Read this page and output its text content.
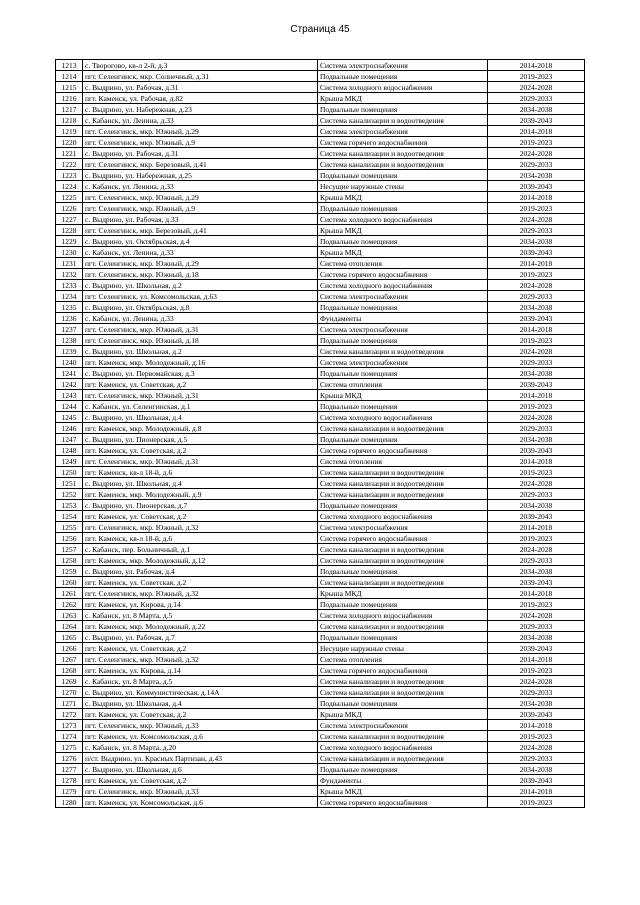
Страница 45
1213	с. Творогово, кв-л 2-й, д.3	Система электроснабжения	2014-2018
1214	пгт. Селенгинск, мкр. Солнечный, д.31	Подвальные помещения	2019-2023
1215	с. Выдрино, ул. Рабочая, д.31	Система холодного водоснабжения	2024-2028
1216	пгт. Каменск, ул. Рабочая, д.82	Крыша МКД	2029-2033
1217	с. Выдрино, ул. Набережная, д.23	Подвальные помещения	2034-2038
1218	с. Кабанск, ул. Ленина, д.33	Система канализации и водоотведения	2039-2043
1219	пгт. Селенгинск, мкр. Южный, д.29	Система электроснабжения	2014-2018
1220	пгт. Селенгинск, мкр. Южный, д.9	Система горячего водоснабжения	2019-2023
1221	с. Выдрино, ул. Рабочая, д.31	Система канализации и водоотведения	2024-2028
1222	пгт. Селенгинск, мкр. Березовый, д.41	Система канализации и водоотведения	2029-2033
1223	с. Выдрино, ул. Набережная, д.25	Подвальные помещения	2034-2038
1224	с. Кабанск, ул. Ленина, д.33	Несущие наружные стены	2039-2043
1225	пгт. Селенгинск, мкр. Южный, д.29	Крыша МКД	2014-2018
1226	пгт. Селенгинск, мкр. Южный, д.9	Подвальные помещения	2019-2023
1227	с. Выдрино, ул. Рабочая, д.33	Система холодного водоснабжения	2024-2028
1228	пгт. Селенгинск, мкр. Березовый, д.41	Крыша МКД	2029-2033
1229	с. Выдрино, ул. Октябрьская, д.4	Подвальные помещения	2034-2038
1230	с. Кабанск, ул. Ленина, д.33	Крыша МКД	2039-2043
1231	пгт. Селенгинск, мкр. Южный, д.29	Система отопления	2014-2018
1232	пгт. Селенгинск, мкр. Южный, д.18	Система горячего водоснабжения	2019-2023
1233	с. Выдрино, ул. Школьная, д.2	Система холодного водоснабжения	2024-2028
1234	пгт. Селенгинск, ул. Комсомольская, д.63	Система электроснабжения	2029-2033
1235	с. Выдрино, ул. Октябрьская, д.8	Подвальные помещения	2034-2038
1236	с. Кабанск, ул. Ленина, д.33	Фундаменты	2039-2043
1237	пгт. Селенгинск, мкр. Южный, д.31	Система электроснабжения	2014-2018
1238	пгт. Селенгинск, мкр. Южный, д.18	Подвальные помещения	2019-2023
1239	с. Выдрино, ул. Школьная, д.2	Система канализации и водоотведения	2024-2028
1240	пгт. Каменск, мкр. Молодежный, д.16	Система электроснабжения	2029-2033
1241	с. Выдрино, ул. Первомайская, д.3	Подвальные помещения	2034-2038
1242	пгт. Каменск, ул. Советская, д.2	Система отопления	2039-2043
1243	пгт. Селенгинск, мкр. Южный, д.31	Крыша МКД	2014-2018
1244	с. Кабанск, ул. Селенгинская, д.1	Подвальные помещения	2019-2023
1245	с. Выдрино, ул. Школьная, д.4	Система холодного водоснабжения	2024-2028
1246	пгт. Каменск, мкр. Молодежный, д.8	Система канализации и водоотведения	2029-2033
1247	с. Выдрино, ул. Пионерская, д.5	Подвальные помещения	2034-2038
1248	пгт. Каменск, ул. Советская, д.2	Система горячего водоснабжения	2039-2043
1249	пгт. Селенгинск, мкр. Южный, д.31	Система отопления	2014-2018
1250	пгт. Каменск, кв-л 18-й, д.6	Система канализации и водоотведения	2019-2023
1251	с. Выдрино, ул. Школьная, д.4	Система канализации и водоотведения	2024-2028
1252	пгт. Каменск, мкр. Молодежный, д.9	Система канализации и водоотведения	2029-2033
1253	с. Выдрино, ул. Пионерская, д.7	Подвальные помещения	2034-2038
1254	пгт. Каменск, ул. Советская, д.2	Система холодного водоснабжения	2039-2043
1255	пгт. Селенгинск, мкр. Южный, д.32	Система электроснабжения	2014-2018
1256	пгт. Каменск, кв-л 18-й, д.6	Система горячего водоснабжения	2019-2023
1257	с. Кабанск, пер. Больничный, д.1	Система канализации и водоотведения	2024-2028
1258	пгт. Каменск, мкр. Молодежный, д.12	Система канализации и водоотведения	2029-2033
1259	с. Выдрино, ул. Рабочая, д.4	Подвальные помещения	2034-2038
1260	пгт. Каменск, ул. Советская, д.2	Система канализации и водоотведения	2039-2043
1261	пгт. Селенгинск, мкр. Южный, д.32	Крыша МКД	2014-2018
1262	пгт. Каменск, ул. Кирова, д.14	Подвальные помещения	2019-2023
1263	с. Кабанск, ул. 8 Марта, д.5	Система холодного водоснабжения	2024-2028
1264	пгт. Каменск, мкр. Молодежный, д.22	Система канализации и водоотведения	2029-2033
1265	с. Выдрино, ул. Рабочая, д.7	Подвальные помещения	2034-2038
1266	пгт. Каменск, ул. Советская, д.2	Несущие наружные стены	2039-2043
1267	пгт. Селенгинск, мкр. Южный, д.32	Система отопления	2014-2018
1268	пгт. Каменск, ул. Кирова, д.14	Система горячего водоснабжения	2019-2023
1269	с. Кабанск, ул. 8 Марта, д.5	Система канализации и водоотведения	2024-2028
1270	с. Выдрино, ул. Коммунистическая, д.14А	Система канализации и водоотведения	2029-2033
1271	с. Выдрино, ул. Школьная, д.4	Подвальные помещения	2034-2038
1272	пгт. Каменск, ул. Советская, д.2	Крыша МКД	2039-2043
1273	пгт. Селенгинск, мкр. Южный, д.33	Система электроснабжения	2014-2018
1274	пгт. Каменск, ул. Комсомольская, д.6	Система канализации и водоотведения	2019-2023
1275	с. Кабанск, ул. 8 Марта, д.20	Система холодного водоснабжения	2024-2028
1276	п/ст. Выдрино, ул. Красных Партизан, д.43	Система канализации и водоотведения	2029-2033
1277	с. Выдрино, ул. Школьная, д.6	Подвальные помещения	2034-2038
1278	пгт. Каменск, ул. Советская, д.2	Фундаменты	2039-2043
1279	пгт. Селенгинск, мкр. Южный, д.33	Крыша МКД	2014-2018
1280	пгт. Каменск, ул. Комсомольская, д.6	Система горячего водоснабжения	2019-2023
